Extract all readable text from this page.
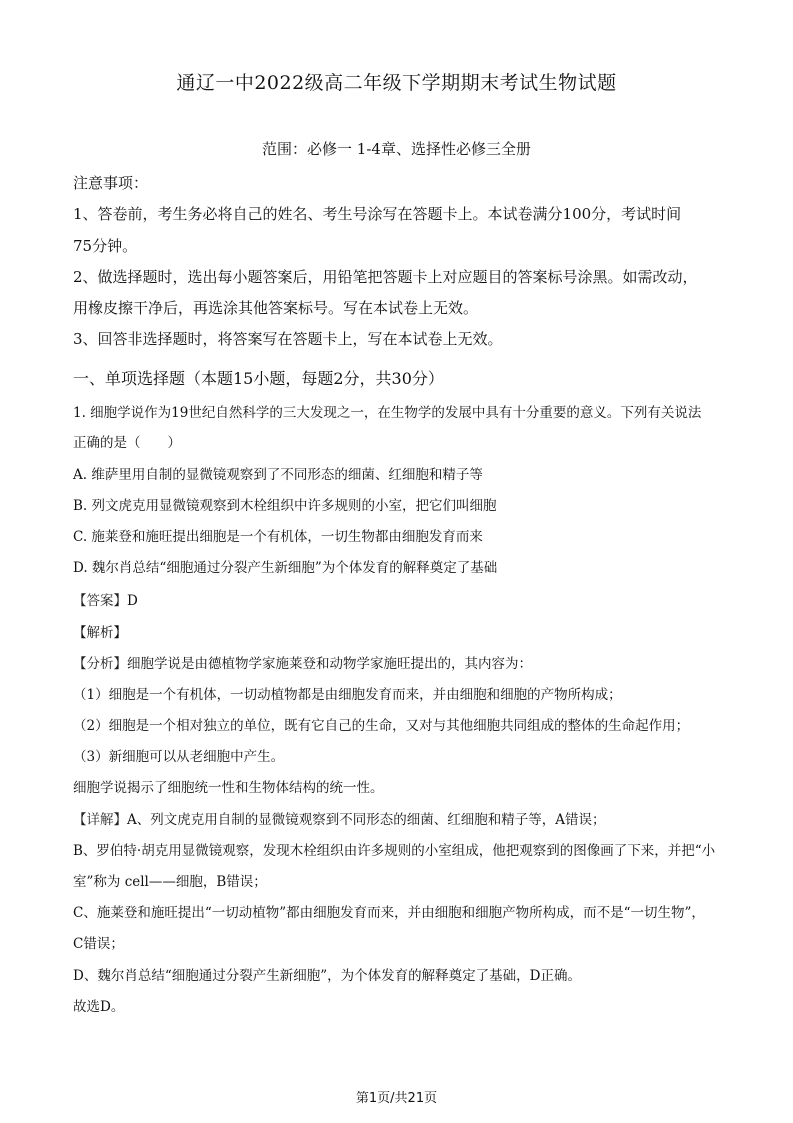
通辽一中2022级高二年级下学期期末考试生物试题
范围：必修一 1-4章、选择性必修三全册
注意事项：
1、答卷前，考生务必将自己的姓名、考生号涂写在答题卡上。本试卷满分100分，考试时间
75分钟。
2、做选择题时，选出每小题答案后，用铅笔把答题卡上对应题目的答案标号涂黑。如需改动，
用橡皮擦干净后，再选涂其他答案标号。写在本试卷上无效。
3、回答非选择题时，将答案写在答题卡上，写在本试卷上无效。
一、单项选择题（本题15小题，每题2分，共30分）
1. 细胞学说作为19世纪自然科学的三大发现之一，在生物学的发展中具有十分重要的意义。下列有关说法
正确的是（　　）
A. 维萨里用自制的显微镜观察到了不同形态的细菌、红细胞和精子等
B. 列文虎克用显微镜观察到木栓组织中许多规则的小室，把它们叫细胞
C. 施莱登和施旺提出细胞是一个有机体，一切生物都由细胞发育而来
D. 魏尔肖总结“细胞通过分裂产生新细胞”为个体发育的解释奠定了基础
【答案】D
【解析】
【分析】细胞学说是由德植物学家施莱登和动物学家施旺提出的，其内容为：
（1）细胞是一个有机体，一切动植物都是由细胞发育而来，并由细胞和细胞的产物所构成；
（2）细胞是一个相对独立的单位，既有它自己的生命，又对与其他细胞共同组成的整体的生命起作用；
（3）新细胞可以从老细胞中产生。
细胞学说揭示了细胞统一性和生物体结构的统一性。
【详解】A、列文虎克用自制的显微镜观察到不同形态的细菌、红细胞和精子等，A错误；
B、罗伯特·胡克用显微镜观察，发现木栓组织由许多规则的小室组成，他把观察到的图像画了下来，并把“小
室”称为 cell——细胞，B错误；
C、施莱登和施旺提出“一切动植物”都由细胞发育而来，并由细胞和细胞产物所构成，而不是“一切生物”，
C错误；
D、魏尔肖总结“细胞通过分裂产生新细胞”，为个体发育的解释奠定了基础，D正确。
故选D。
第1页/共21页
